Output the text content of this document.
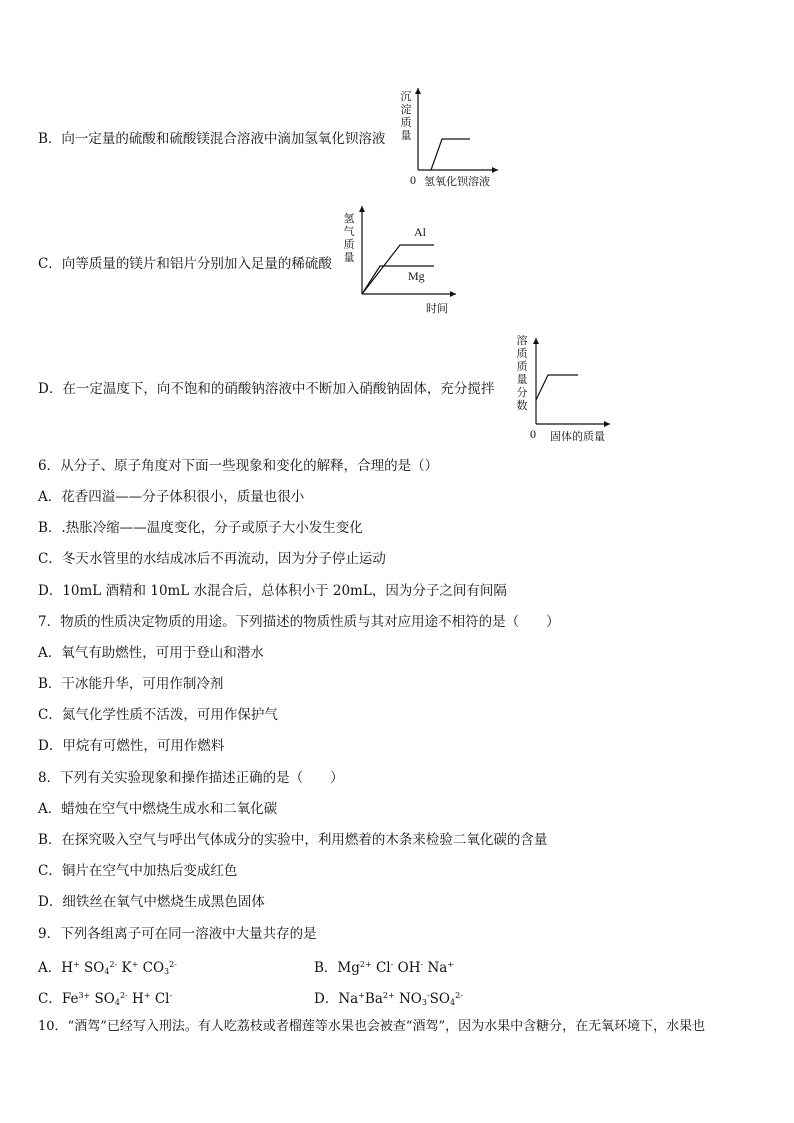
B．向一定量的硫酸和硫酸镁混合溶液中滴加氢氧化钡溶液
沉淀质量
0 氢氧化钡溶液
C．向等质量的镁片和铝片分别加入足量的稀硫酸
氢气质量
Al
Mg
时间
D．在一定温度下，向不饱和的硝酸钠溶液中不断加入硝酸钠固体，充分搅拌
溶质质量分数
0 固体的质量
6．从分子、原子角度对下面一些现象和变化的解释，合理的是（）
A．花香四溢——分子体积很小，质量也很小
B．.热胀冷缩——温度变化，分子或原子大小发生变化
C．冬天水管里的水结成冰后不再流动，因为分子停止运动
D．10mL 酒精和 10mL 水混合后，总体积小于 20mL，因为分子之间有间隔
7．物质的性质决定物质的用途。下列描述的物质性质与其对应用途不相符的是（　　）
A．氧气有助燃性，可用于登山和潜水
B．干冰能升华，可用作制冷剂
C．氮气化学性质不活泼，可用作保护气
D．甲烷有可燃性，可用作燃料
8．下列有关实验现象和操作描述正确的是（　　）
A．蜡烛在空气中燃烧生成水和二氧化碳
B．在探究吸入空气与呼出气体成分的实验中，利用燃着的木条来检验二氧化碳的含量
C．铜片在空气中加热后变成红色
D．细铁丝在氧气中燃烧生成黑色固体
9．下列各组离子可在同一溶液中大量共存的是
A．H+ $SO_4^{2-}$ K+ $CO_3^{2-}$	B．$Mg^{2+}$ Cl- OH- Na+
C．$Fe^{3+}$ $SO_4^{2-}$ H+ Cl-	D．$Na^+Ba^{2+}$ $NO_3^-SO_4^{2-}$
10．“酒驾”已经写入刑法。有人吃荔枝或者榴莲等水果也会被查“酒驾”，因为水果中含糖分，在无氧环境下，水果也
